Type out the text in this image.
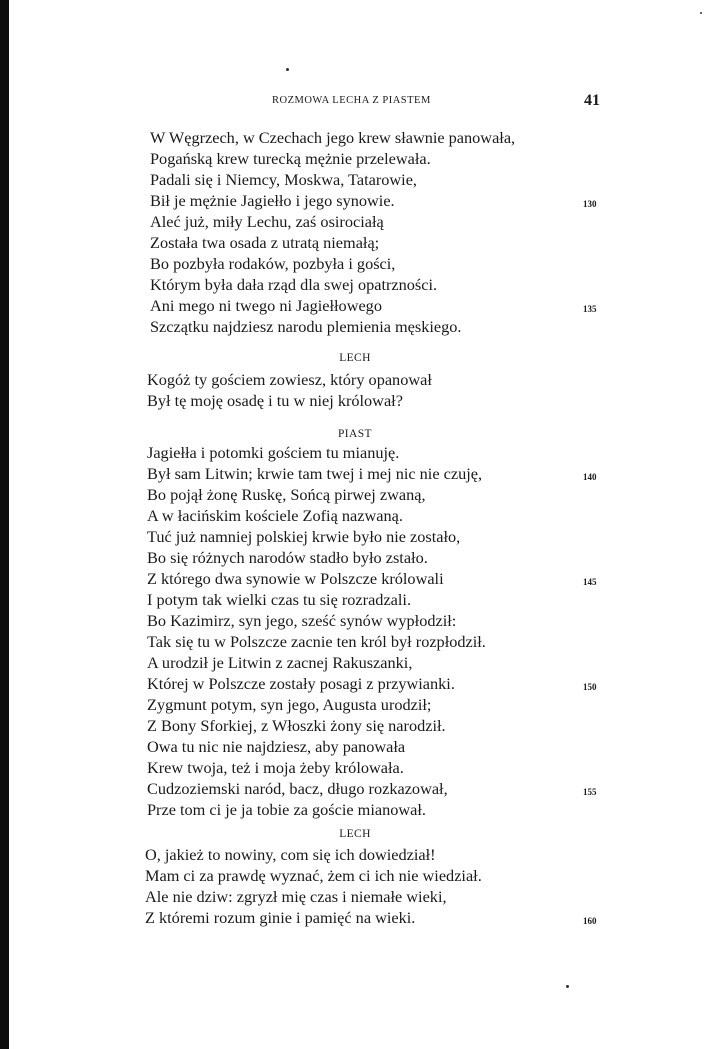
ROZMOWA LECHA Z PIASTEM	41
W Węgrzech, w Czechach jego krew sławnie panowała,
Pogańską krew turecką mężnie przelewała.
Padali się i Niemcy, Moskwa, Tatarowie,
Bił je mężnie Jagiełło i jego synowie.	130
Aleć już, miły Lechu, zaś osirociałą
Została twa osada z utratą niemałą;
Bo pozbyła rodaków, pozbyła i gości,
Którym była dała rząd dla swej opatrzności.
Ani mego ni twego ni Jagiełłowego	135
Szczątku najdziesz narodu plemienia męskiego.
LECH
Kogóż ty gościem zowiesz, który opanował
Był tę moję osadę i tu w niej królował?
PIAST
Jagiełła i potomki gościem tu mianuję.
Był sam Litwin; krwie tam twej i mej nic nie czuję,	140
Bo pojął żonę Ruskę, Sońcą pirwej zwaną,
A w łacińskim kościele Zofią nazwaną.
Tuć już namniej polskiej krwie było nie zostało,
Bo się różnych narodów stadło było zstało.
Z którego dwa synowie w Polszcze królowali	145
I potym tak wielki czas tu się rozradzali.
Bo Kazimirz, syn jego, sześć synów wypłodził:
Tak się tu w Polszcze zacnie ten król był rozpłodził.
A urodził je Litwin z zacnej Rakuszanki,
Której w Polszcze zostały posagi z przywianki.	150
Zygmunt potym, syn jego, Augusta urodził;
Z Bony Sforkiej, z Włoszki żony się narodził.
Owa tu nic nie najdziesz, aby panowała
Krew twoja, też i moja żeby królowała.
Cudzoziemski naród, bacz, długo rozkazował,	155
Prze tom ci je ja tobie za goście mianował.
LECH
O, jakież to nowiny, com się ich dowiedział!
Mam ci za prawdę wyznać, żem ci ich nie wiedział.
Ale nie dziw: zgryzł mię czas i niemałe wieki,
Z któremi rozum ginie i pamięć na wieki.	160
